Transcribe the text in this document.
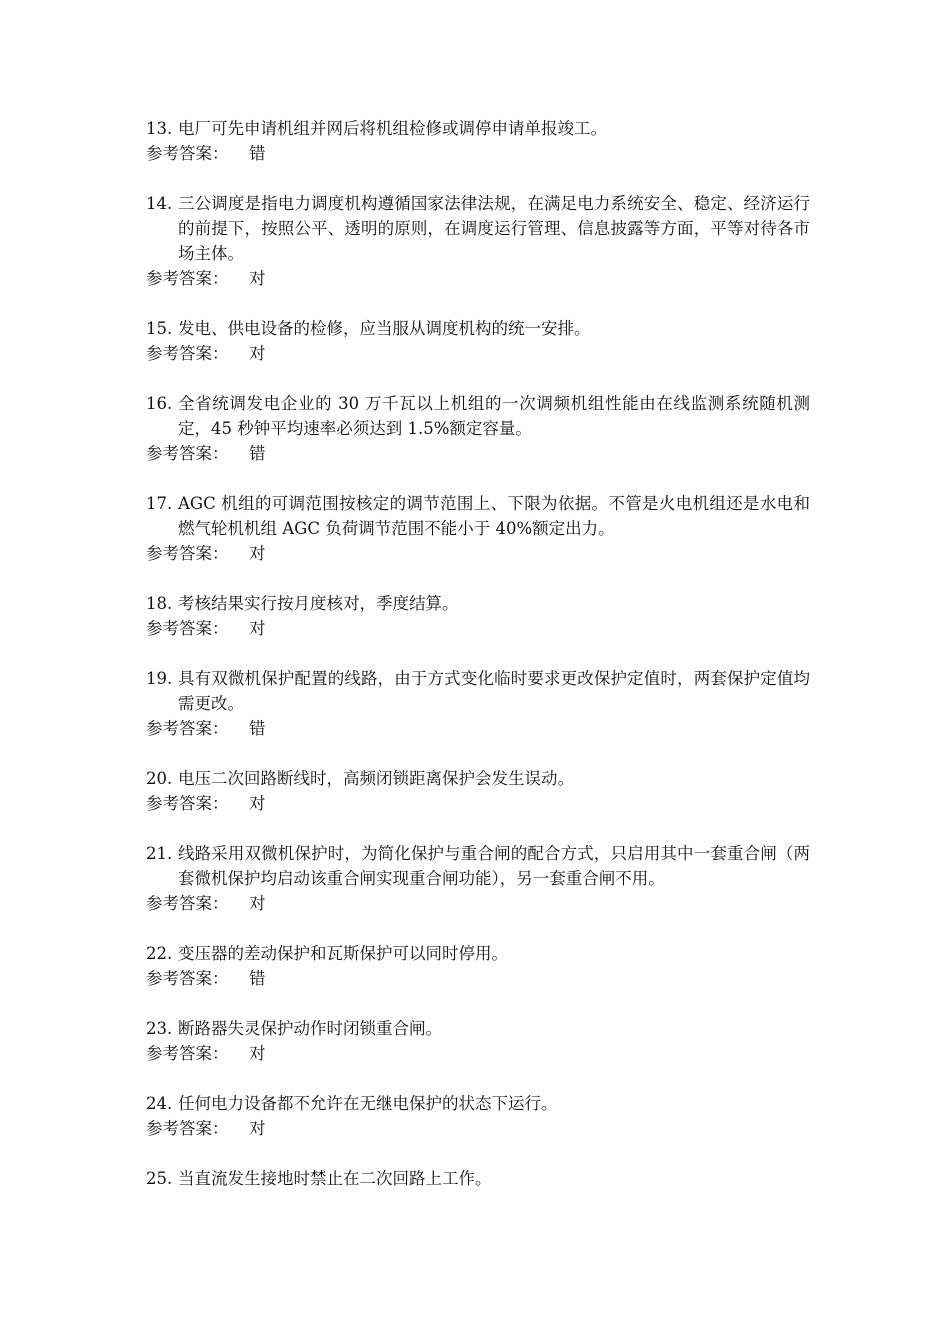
13. 电厂可先申请机组并网后将机组检修或调停申请单报竣工。
参考答案： 错
14. 三公调度是指电力调度机构遵循国家法律法规，在满足电力系统安全、稳定、经济运行的前提下，按照公平、透明的原则，在调度运行管理、信息披露等方面，平等对待各市场主体。
参考答案： 对
15. 发电、供电设备的检修，应当服从调度机构的统一安排。
参考答案： 对
16. 全省统调发电企业的 30 万千瓦以上机组的一次调频机组性能由在线监测系统随机测定，45 秒钟平均速率必须达到 1.5%额定容量。
参考答案： 错
17. AGC 机组的可调范围按核定的调节范围上、下限为依据。不管是火电机组还是水电和燃气轮机机组 AGC 负荷调节范围不能小于 40%额定出力。
参考答案： 对
18. 考核结果实行按月度核对，季度结算。
参考答案： 对
19. 具有双微机保护配置的线路，由于方式变化临时要求更改保护定值时，两套保护定值均需更改。
参考答案： 错
20. 电压二次回路断线时，高频闭锁距离保护会发生误动。
参考答案： 对
21. 线路采用双微机保护时，为简化保护与重合闸的配合方式，只启用其中一套重合闸（两套微机保护均启动该重合闸实现重合闸功能），另一套重合闸不用。
参考答案： 对
22. 变压器的差动保护和瓦斯保护可以同时停用。
参考答案： 错
23. 断路器失灵保护动作时闭锁重合闸。
参考答案： 对
24. 任何电力设备都不允许在无继电保护的状态下运行。
参考答案： 对
25. 当直流发生接地时禁止在二次回路上工作。
